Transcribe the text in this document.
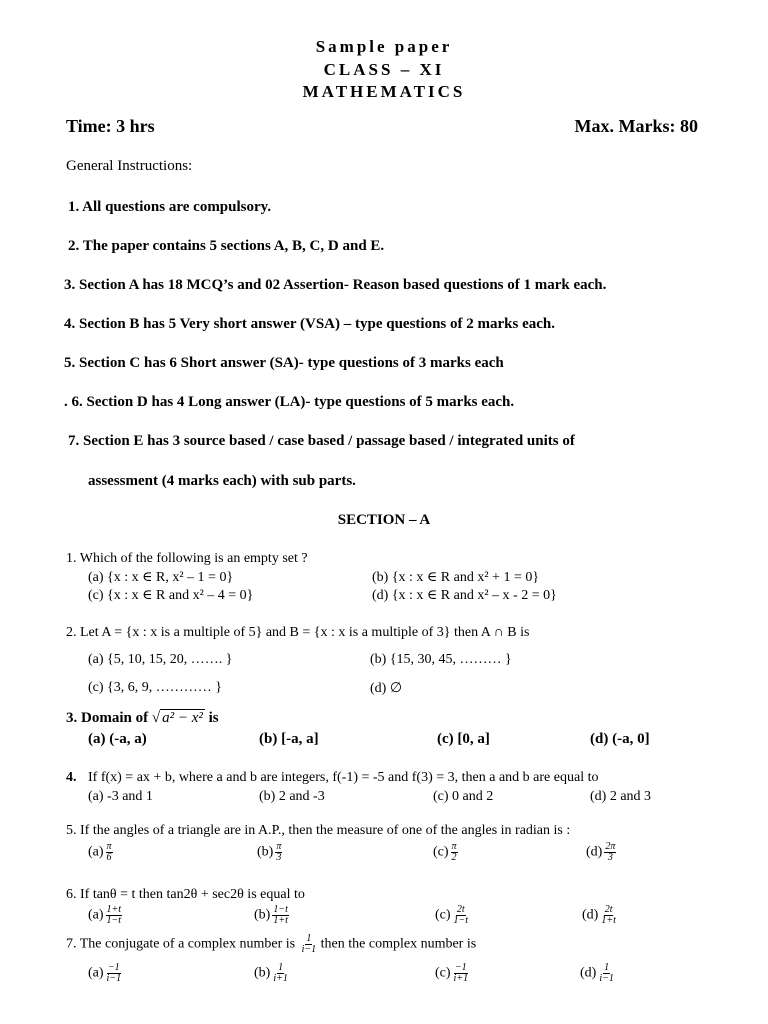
Sample paper
CLASS – XI
MATHEMATICS
Time: 3 hrs	Max. Marks: 80
General Instructions:
1. All questions are compulsory.
2. The paper contains 5 sections A, B, C, D and E.
3. Section A has 18 MCQ’s and 02 Assertion- Reason based questions of 1 mark each.
4. Section B has 5 Very short answer (VSA) – type questions of 2 marks each.
5. Section C has 6 Short answer (SA)- type questions of 3 marks each
. 6. Section D has 4 Long answer (LA)- type questions of 5 marks each.
7. Section E has 3 source based / case based / passage based / integrated units of
assessment (4 marks each) with sub parts.
SECTION – A
1. Which of the following is an empty set ?
(a) {x : x ∈ R, x² – 1 = 0}	(b) {x : x ∈ R and x² + 1 = 0}
(c) {x : x ∈ R and x² – 4 = 0}	(d) {x : x ∈ R and x² – x - 2 = 0}
2. Let A = {x : x is a multiple of 5} and B = {x : x is a multiple of 3} then A ∩ B is
(a) {5, 10, 15, 20, ……. }	(b) {15, 30, 45, ……… }
(c) {3, 6, 9, ………… }	(d) ∅
3. Domain of √ a² − x² is
(a) (-a, a)	(b) [-a, a]	(c) [0, a]	(d) (-a, 0]
4. If f(x) = ax + b, where a and b are integers, f(-1) = -5 and f(3) = 3, then a and b are equal to
(a) -3 and 1	(b) 2 and -3	(c) 0 and 2	(d) 2 and 3
5. If the angles of a triangle are in A.P., then the measure of one of the angles in radian is :
$(a) \frac{\pi}{6}$	$(b) \frac{\pi}{3}$	$(c) \frac{\pi}{2}$	$(d) \frac{2\pi}{3}$
6. If tanθ = t then tan2θ + sec2θ is equal to
$(a) \frac{1+t}{1-t}$	$(b) \frac{1-t}{1+t}$	$(c) \frac{2t}{1-t}$	$(d) \frac{2t}{1+t}$
7. The conjugate of a complex number is $\frac{1}{i-1}$ then the complex number is
$(a) \frac{-1}{i-1}$	$(b) \frac{1}{i+1}$	$(c) \frac{-1}{i+1}$	$(d) \frac{1}{i-1}$
